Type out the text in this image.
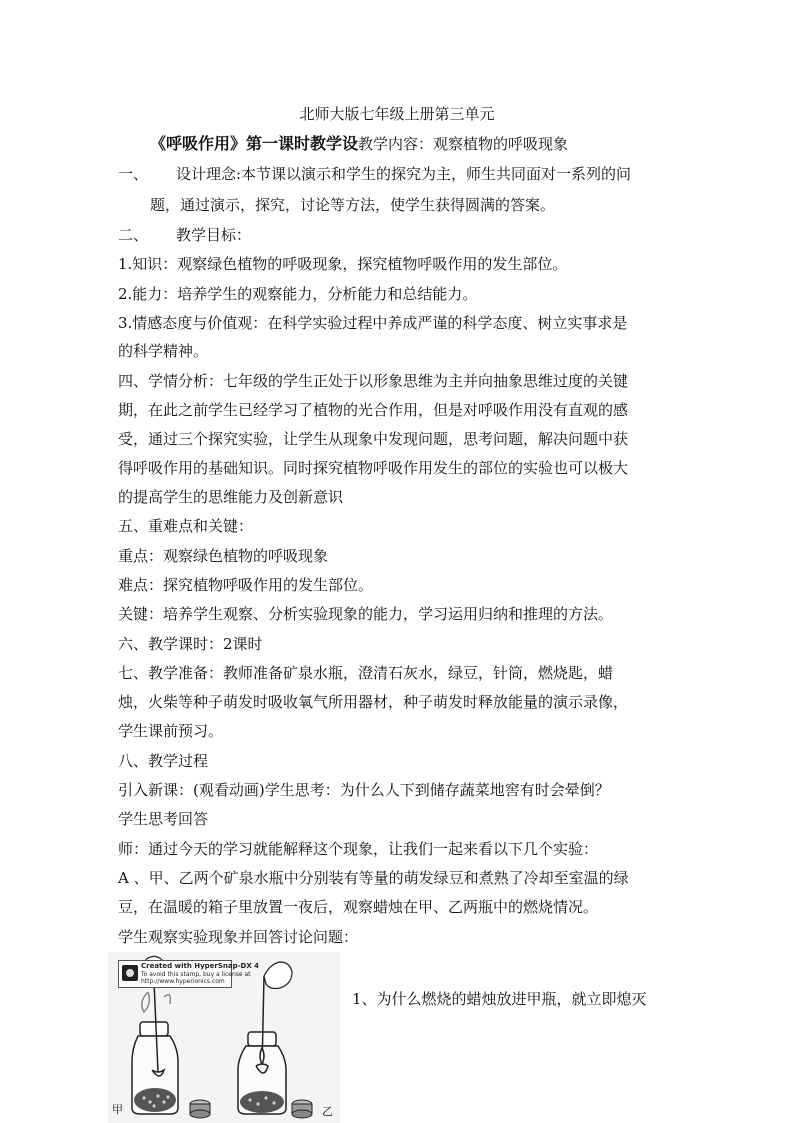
北师大版七年级上册第三单元
《呼吸作用》第一课时教学设教学内容：观察植物的呼吸现象
一、 设计理念:本节课以演示和学生的探究为主，师生共同面对一系列的问
题，通过演示，探究，讨论等方法，使学生获得圆满的答案。
二、 教学目标：
1.知识：观察绿色植物的呼吸现象，探究植物呼吸作用的发生部位。
2.能力：培养学生的观察能力，分析能力和总结能力。
3.情感态度与价值观：在科学实验过程中养成严谨的科学态度、树立实事求是
的科学精神。
四、学情分析：七年级的学生正处于以形象思维为主并向抽象思维过度的关键
期，在此之前学生已经学习了植物的光合作用，但是对呼吸作用没有直观的感
受，通过三个探究实验，让学生从现象中发现问题，思考问题，解决问题中获
得呼吸作用的基础知识。同时探究植物呼吸作用发生的部位的实验也可以极大
的提高学生的思维能力及创新意识
五、重难点和关键：
重点：观察绿色植物的呼吸现象
难点：探究植物呼吸作用的发生部位。
关键：培养学生观察、分析实验现象的能力，学习运用归纳和推理的方法。
六、教学课时：2课时
七、教学准备：教师准备矿泉水瓶，澄清石灰水，绿豆，针筒，燃烧匙，蜡
烛，火柴等种子萌发时吸收氧气所用器材，种子萌发时释放能量的演示录像，
学生课前预习。
八、教学过程
引入新课：(观看动画)学生思考：为什么人下到储存蔬菜地窖有时会晕倒？
学生思考回答
师：通过今天的学习就能解释这个现象，让我们一起来看以下几个实验：
A 、甲、乙两个矿泉水瓶中分别装有等量的萌发绿豆和煮熟了冷却至室温的绿
豆，在温暖的箱子里放置一夜后，观察蜡烛在甲、乙两瓶中的燃烧情况。
学生观察实验现象并回答讨论问题：
Created with HyperSnap-DX 4
To avoid this stamp, buy a license at
http://www.hyperionics.com
甲	乙
1、为什么燃烧的蜡烛放进甲瓶，就立即熄灭
